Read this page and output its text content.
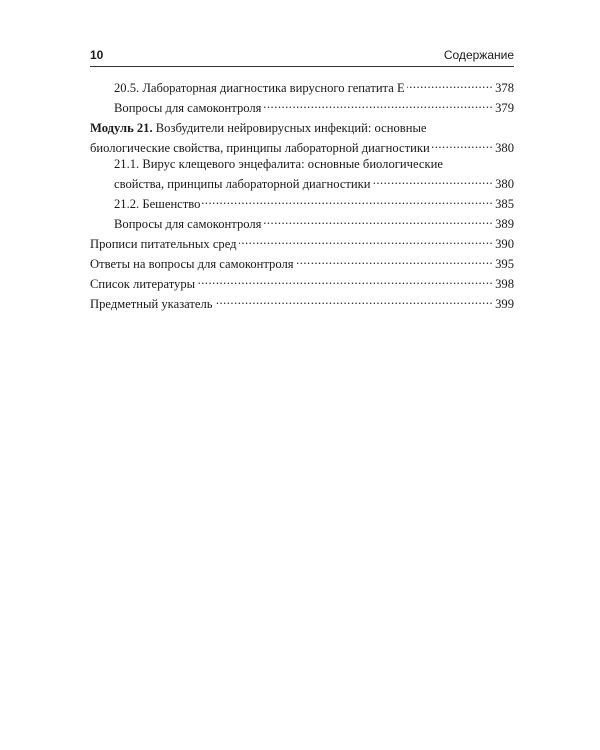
10	Содержание
20.5. Лабораторная диагностика вирусного гепатита Е .....	378
Вопросы для самоконтроля .....	379
Модуль 21. Возбудители нейровирусных инфекций: основные
биологические свойства, принципы лабораторной диагностики .....	380
21.1. Вирус клещевого энцефалита: основные биологические
свойства, принципы лабораторной диагностики .....	380
21.2. Бешенство .....	385
Вопросы для самоконтроля .....	389
Прописи питательных сред .....	390
Ответы на вопросы для самоконтроля .....	395
Список литературы .....	398
Предметный указатель .....	399
